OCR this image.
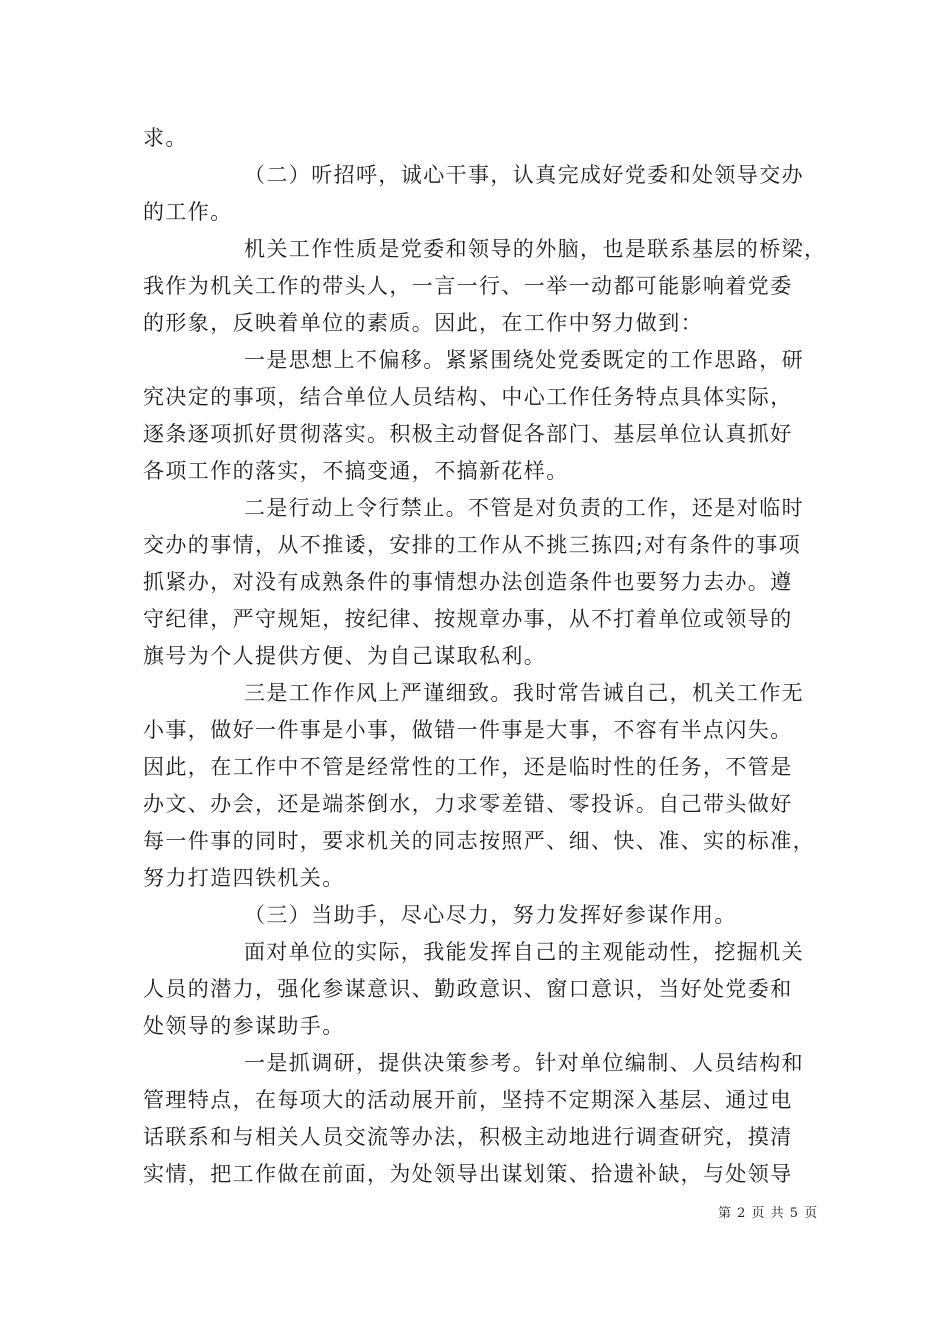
求。
（二）听招呼，诚心干事，认真完成好党委和处领导交办
的工作。
机关工作性质是党委和领导的外脑，也是联系基层的桥梁，
我作为机关工作的带头人，一言一行、一举一动都可能影响着党委
的形象，反映着单位的素质。因此，在工作中努力做到：
一是思想上不偏移。紧紧围绕处党委既定的工作思路，研
究决定的事项，结合单位人员结构、中心工作任务特点具体实际，
逐条逐项抓好贯彻落实。积极主动督促各部门、基层单位认真抓好
各项工作的落实，不搞变通，不搞新花样。
二是行动上令行禁止。不管是对负责的工作，还是对临时
交办的事情，从不推诿，安排的工作从不挑三拣四;对有条件的事项
抓紧办，对没有成熟条件的事情想办法创造条件也要努力去办。遵
守纪律，严守规矩，按纪律、按规章办事，从不打着单位或领导的
旗号为个人提供方便、为自己谋取私利。
三是工作作风上严谨细致。我时常告诫自己，机关工作无
小事，做好一件事是小事，做错一件事是大事，不容有半点闪失。
因此，在工作中不管是经常性的工作，还是临时性的任务，不管是
办文、办会，还是端茶倒水，力求零差错、零投诉。自己带头做好
每一件事的同时，要求机关的同志按照严、细、快、准、实的标准，
努力打造四铁机关。
（三）当助手，尽心尽力，努力发挥好参谋作用。
面对单位的实际，我能发挥自己的主观能动性，挖掘机关
人员的潜力，强化参谋意识、勤政意识、窗口意识，当好处党委和
处领导的参谋助手。
一是抓调研，提供决策参考。针对单位编制、人员结构和
管理特点，在每项大的活动展开前，坚持不定期深入基层、通过电
话联系和与相关人员交流等办法，积极主动地进行调查研究，摸清
实情，把工作做在前面，为处领导出谋划策、拾遗补缺，与处领导
第 2 页 共 5 页
